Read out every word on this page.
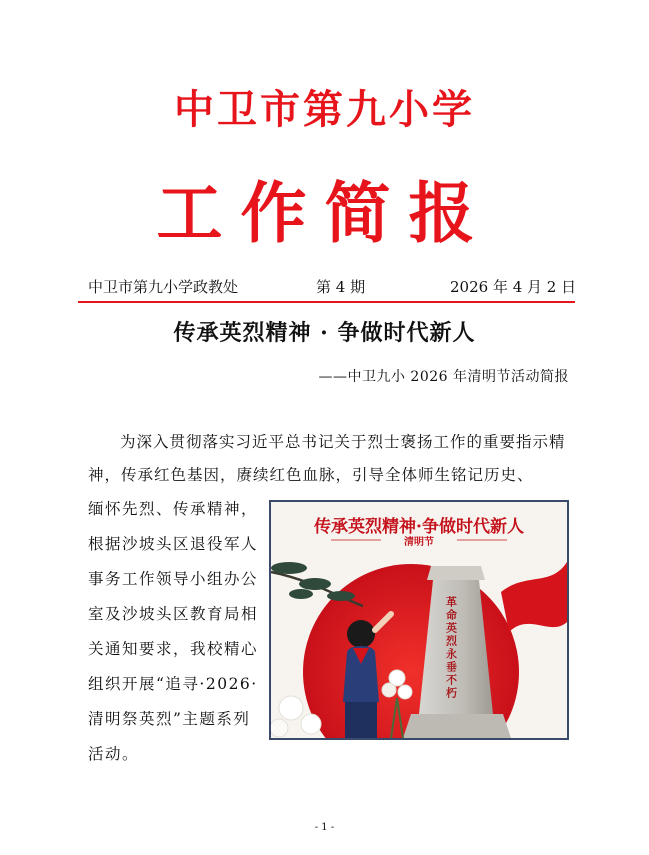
中卫市第九小学
工作简报
中卫市第九小学政教处	第 4 期	2026 年 4 月 2 日
传承英烈精神 · 争做时代新人
——中卫九小 2026 年清明节活动简报

为深入贯彻落实习近平总书记关于烈士褒扬工作的重要指示精神，传承红色基因，赓续红色血脉，引导全体师生铭记历史、

缅怀先烈、传承精神，根据沙坡头区退役军人事务工作领导小组办公室及沙坡头区教育局相关通知要求，我校精心组织开展“追寻·2026·清明祭英烈”主题系列活动。

传承英烈精神·争做时代新人
清明节
革命英烈永垂不朽
- 1 -
